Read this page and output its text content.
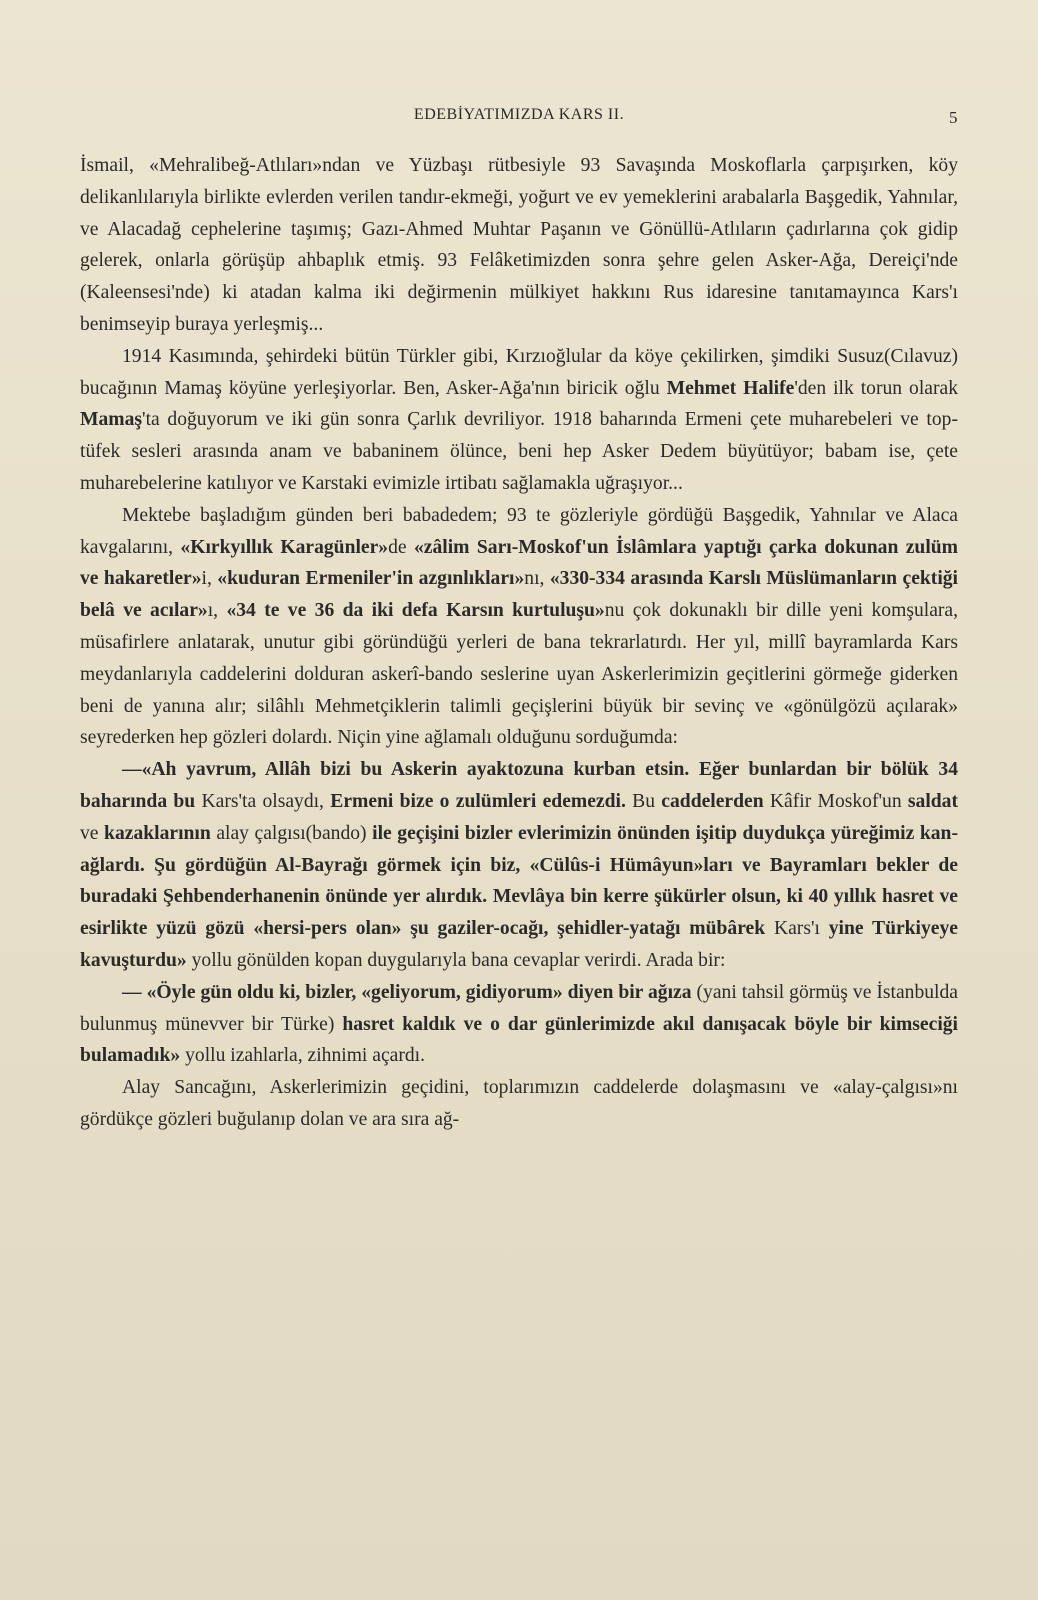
EDEBİYATIMIZDA KARS II.	5

İsmail, «Mehralibeğ-Atlıları»ndan ve Yüzbaşı rütbesiyle 93 Savaşında Moskoflarla çarpışırken, köy delikanlılarıyla birlikte evlerden verilen tandır-ekmeği, yoğurt ve ev yemeklerini arabalarla Başgedik, Yahnılar, ve Alacadağ cephelerine taşımış; Gazı-Ahmed Muhtar Paşanın ve Gönüllü-Atlıların çadırlarına çok gidip gelerek, onlarla görüşüp ahbaplık etmiş. 93 Felâketimizden sonra şehre gelen Asker-Ağa, Dereiçi'nde (Kaleensesi'nde) ki atadan kalma iki değirmenin mülkiyet hakkını Rus idaresine tanıtamayınca Kars'ı benimseyip buraya yerleşmiş...

1914 Kasımında, şehirdeki bütün Türkler gibi, Kırzıoğlular da köye çekilirken, şimdiki Susuz(Cılavuz) bucağının Mamaş köyüne yerleşiyorlar. Ben, Asker-Ağa'nın biricik oğlu Mehmet Halife'den ilk torun olarak Mamaş'ta doğuyorum ve iki gün sonra Çarlık devriliyor. 1918 baharında Ermeni çete muharebeleri ve top-tüfek sesleri arasında anam ve babaninem ölünce, beni hep Asker Dedem büyütüyor; babam ise, çete muharebelerine katılıyor ve Karstaki evimizle irtibatı sağlamakla uğraşıyor...

Mektebe başladığım günden beri babadedem; 93 te gözleriyle gördüğü Başgedik, Yahnılar ve Alaca kavgalarını, «Kırkyıllık Karagünler»de «zâlim Sarı-Moskof'un İslâmlara yaptığı çarka dokunan zulüm ve hakaretler»i, «kuduran Ermeniler'in azgınlıkları»nı, «330-334 arasında Karslı Müslümanların çektiği belâ ve acılar»ı, «34 te ve 36 da iki defa Karsın kurtuluşu»nu çok dokunaklı bir dille yeni komşulara, müsafirlere anlatarak, unutur gibi göründüğü yerleri de bana tekrarlatırdı. Her yıl, millî bayramlarda Kars meydanlarıyla caddelerini dolduran askerî-bando seslerine uyan Askerlerimizin geçitlerini görmeğe giderken beni de yanına alır; silâhlı Mehmetçiklerin talimli geçişlerini büyük bir sevinç ve «gönülgözü açılarak» seyrederken hep gözleri dolardı. Niçin yine ağlamalı olduğunu sorduğumda:

—«Ah yavrum, Allâh bizi bu Askerin ayaktozuna kurban etsin. Eğer bunlardan bir bölük 34 baharında bu Kars'ta olsaydı, Ermeni bize o zulümleri edemezdi. Bu caddelerden Kâfir Moskof'un saldat ve kazaklarının alay çalgısı(bando) ile geçişini bizler evlerimizin önünden işitip duydukça yüreğimiz kan-ağlardı. Şu gördüğün Al-Bayrağı görmek için biz, «Cülûs-i Hümâyun»ları ve Bayramları bekler de buradaki Şehbenderhanenin önünde yer alırdık. Mevlâya bin kerre şükürler olsun, ki 40 yıllık hasret ve esirlikte yüzü gözü «hersi-pers olan» şu gaziler-ocağı, şehidler-yatağı mübârek Kars'ı yine Türkiyeye kavuşturdu» yollu gönülden kopan duygularıyla bana cevaplar verirdi. Arada bir:

— «Öyle gün oldu ki, bizler, «geliyorum, gidiyorum» diyen bir ağıza (yani tahsil görmüş ve İstanbulda bulunmuş münevver bir Türke) hasret kaldık ve o dar günlerimizde akıl danışacak böyle bir kimseciği bulamadık» yollu izahlarla, zihnimi açardı.

Alay Sancağını, Askerlerimizin geçidini, toplarımızın caddelerde dolaşmasını ve «alay-çalgısı»nı gördükçe gözleri buğulanıp dolan ve ara sıra ağ-
